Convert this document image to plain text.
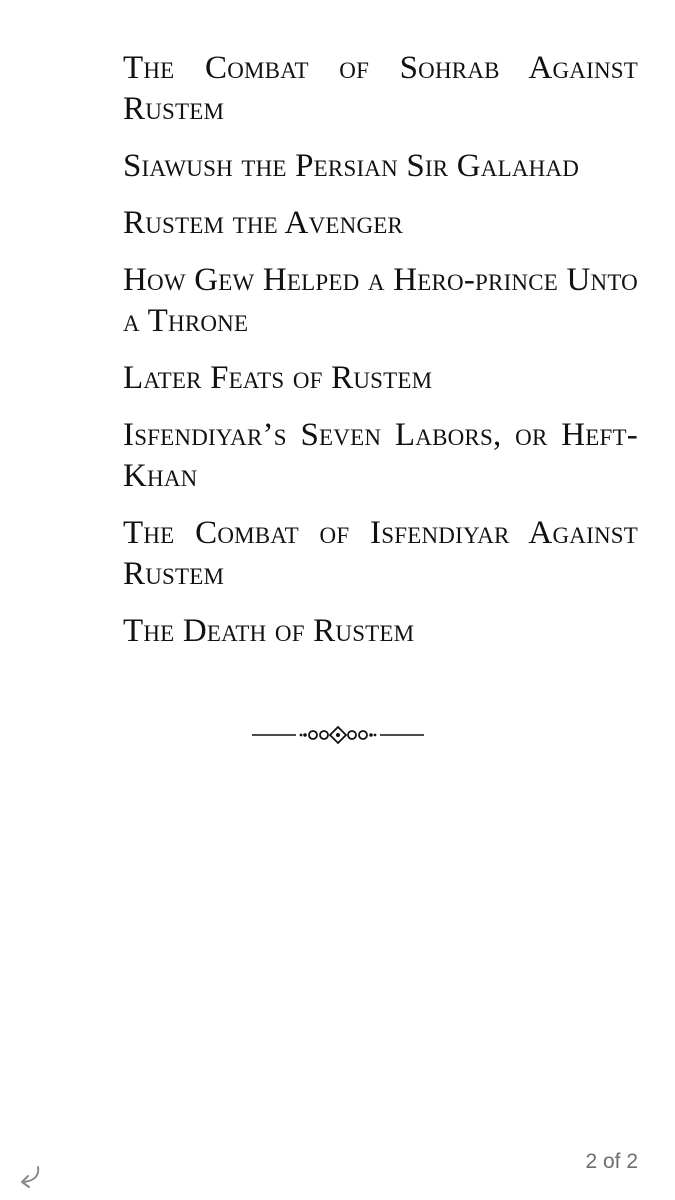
The Combat of Sohrab Against Rustem
Siawush the Persian Sir Galahad
Rustem the Avenger
How Gew Helped a Hero-prince Unto a Throne
Later Feats of Rustem
Isfendiyar’s Seven Labors, or Heft-Khan
The Combat of Isfendiyar Against Rustem
The Death of Rustem
2 of 2
